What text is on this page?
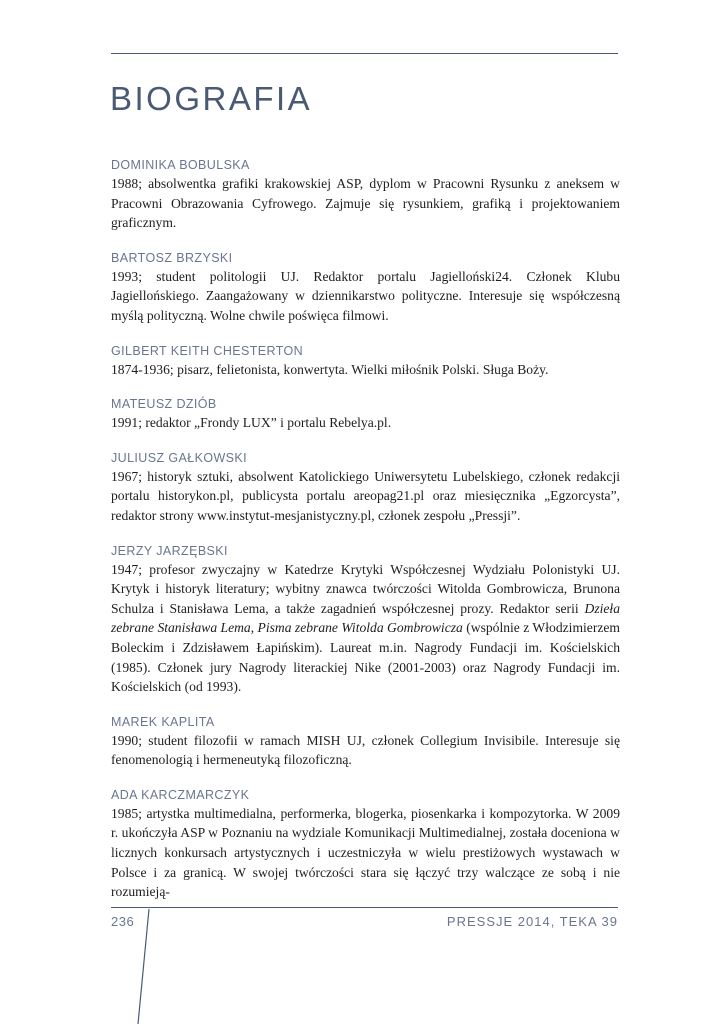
BIOGRAFIA

DOMINIKA BOBULSKA

1988; absolwentka grafiki krakowskiej ASP, dyplom w Pracowni Rysunku z aneksem w Pracowni Obrazowania Cyfrowego. Zajmuje się rysunkiem, grafiką i projektowaniem graficznym.

BARTOSZ BRZYSKI

1993; student politologii UJ. Redaktor portalu Jagielloński24. Członek Klubu Jagiellońskiego. Zaangażowany w dziennikarstwo polityczne. Interesuje się współczesną myślą polityczną. Wolne chwile poświęca filmowi.

GILBERT KEITH CHESTERTON

1874-1936; pisarz, felietonista, konwertyta. Wielki miłośnik Polski. Sługa Boży.

MATEUSZ DZIÓB

1991; redaktor „Frondy LUX” i portalu Rebelya.pl.

JULIUSZ GAŁKOWSKI

1967; historyk sztuki, absolwent Katolickiego Uniwersytetu Lubelskiego, członek redakcji portalu historykon.pl, publicysta portalu areopag21.pl oraz miesięcznika „Egzorcysta”, redaktor strony www.instytut-mesjanistyczny.pl, członek zespołu „Pressji”.

JERZY JARZĘBSKI

1947; profesor zwyczajny w Katedrze Krytyki Współczesnej Wydziału Polonistyki UJ. Krytyk i historyk literatury; wybitny znawca twórczości Witolda Gombrowicza, Brunona Schulza i Stanisława Lema, a także zagadnień współczesnej prozy. Redaktor serii Dzieła zebrane Stanisława Lema, Pisma zebrane Witolda Gombrowicza (wspólnie z Włodzimierzem Boleckim i Zdzisławem Łapińskim). Laureat m.in. Nagrody Fundacji im. Kościelskich (1985). Członek jury Nagrody literackiej Nike (2001-2003) oraz Nagrody Fundacji im. Kościelskich (od 1993).

MAREK KAPLITA

1990; student filozofii w ramach MISH UJ, członek Collegium Invisibile. Interesuje się fenomenologią i hermeneutyką filozoficzną.

ADA KARCZMARCZYK

1985; artystka multimedialna, performerka, blogerka, piosenkarka i kompozytorka. W 2009 r. ukończyła ASP w Poznaniu na wydziale Komunikacji Multimedialnej, została doceniona w licznych konkursach artystycznych i uczestniczyła w wielu prestiżowych wystawach w Polsce i za granicą. W swojej twórczości stara się łączyć trzy walczące ze sobą i nie rozumieją-

236	PRESSJE 2014, TEKA 39
